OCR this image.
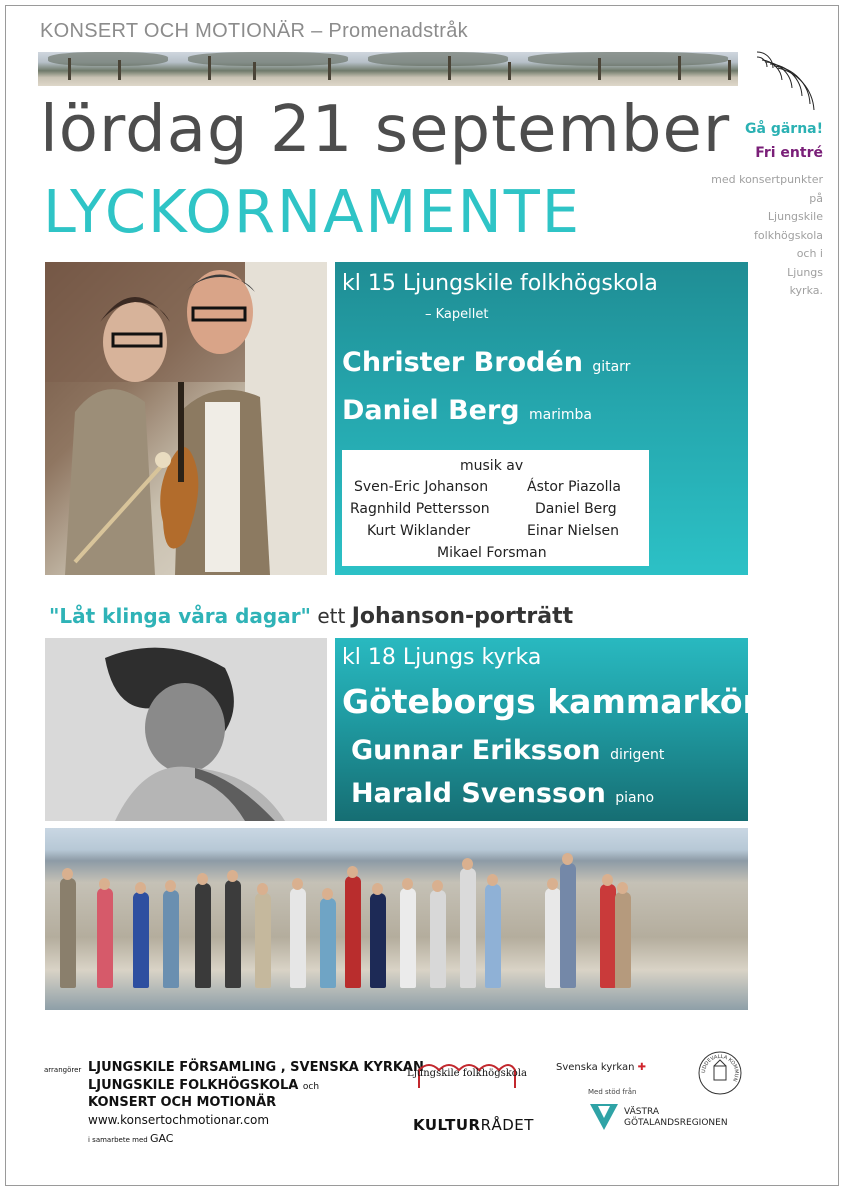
KONSERT OCH MOTIONÄR – Promenadstråk
lördag 21 september Gå gärna!
Fri entré
med konsertpunkter
på
Ljungskile
folkhögskola
och i
Ljungs
kyrka.
LYCKORNAMENTE
kl 15 Ljungskile folkhögskola
– Kapellet
Christer Brodén gitarr
Daniel Berg marimba
musik av
Sven-Eric Johanson	Ástor Piazolla
Ragnhild Pettersson	Daniel Berg
Kurt Wiklander	Einar Nielsen
Mikael Forsman
"Låt klinga våra dagar" ett Johanson-porträtt
kl 18 Ljungs kyrka
Göteborgs kammarkör
Gunnar Eriksson dirigent
Harald Svensson piano
arrangörer LJUNGSKILE FÖRSAMLING , SVENSKA KYRKAN
LJUNGSKILE FOLKHÖGSKOLA och
KONSERT OCH MOTIONÄR
www.konsertochmotionar.com
i samarbete med GAC
Ljungskile folkhögskola
Svenska kyrkan ✚
Med stöd från
KULTURRÅDET
VÄSTRA
GÖTALANDSREGIONEN
UDDEVALLA KOMMUN
